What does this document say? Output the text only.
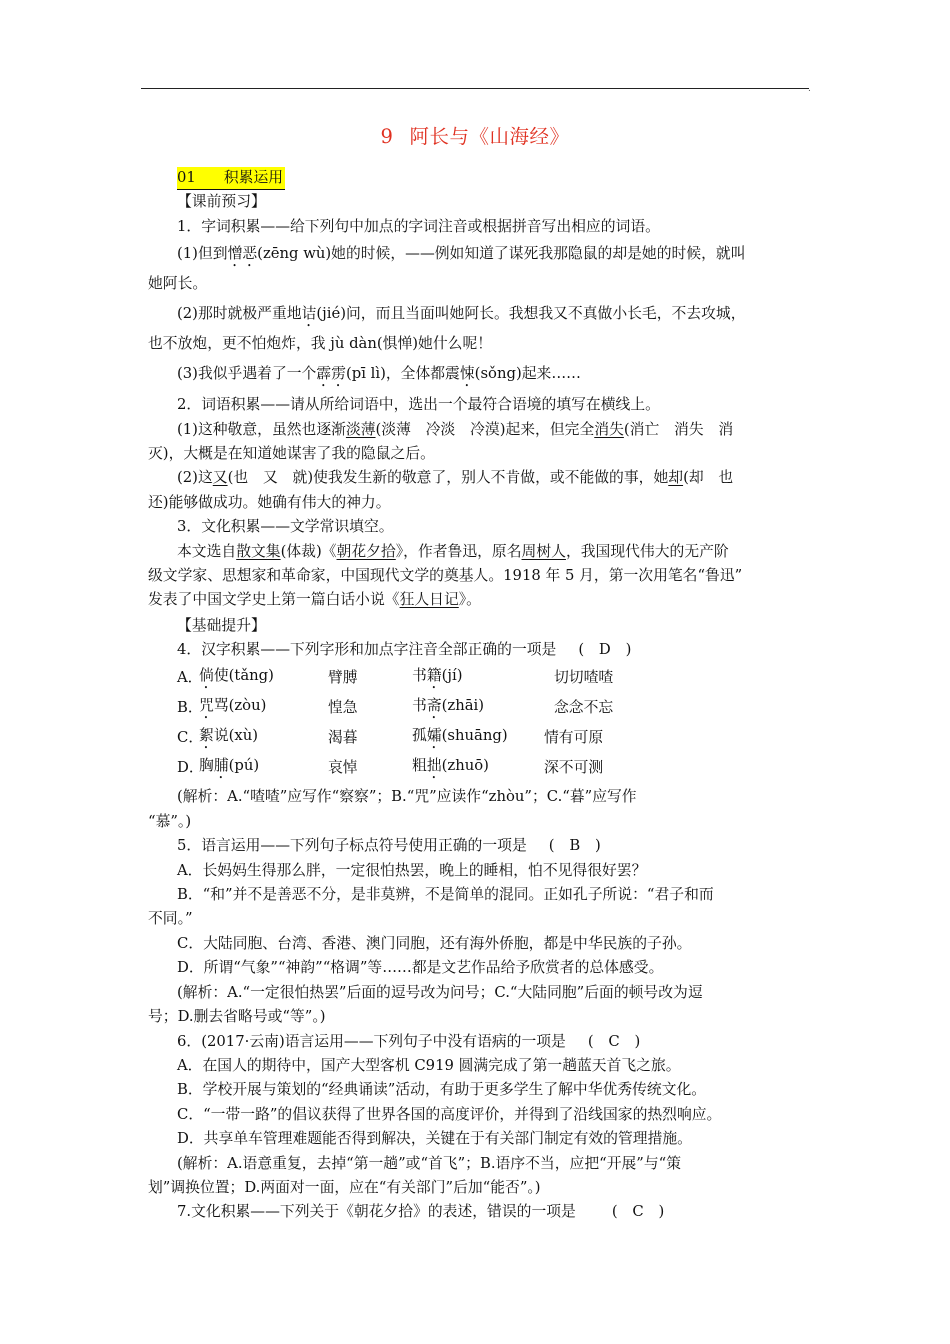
.
9 阿长与《山海经》

01 积累运用

【课前预习】

1．字词积累——给下列句中加点的字词注音或根据拼音写出相应的词语。

(1)但到憎恶(zēng wù)她的时候，——例如知道了谋死我那隐鼠的却是她的时候，就叫

她阿长。

(2)那时就极严重地诘(jié)问，而且当面叫她阿长。我想我又不真做小长毛，不去攻城，

也不放炮，更不怕炮炸，我 jù dàn(惧惮)她什么呢！

(3)我似乎遇着了一个霹雳(pī lì)，全体都震悚(sǒng)起来……

2．词语积累——请从所给词语中，选出一个最符合语境的填写在横线上。

(1)这种敬意，虽然也逐渐淡薄(淡薄　冷淡　冷漠)起来，但完全消失(消亡　消失　消

灭)，大概是在知道她谋害了我的隐鼠之后。

(2)这又(也　又　就)使我发生新的敬意了，别人不肯做，或不能做的事，她却(却　也

还)能够做成功。她确有伟大的神力。

3．文化积累——文学常识填空。

本文选自散文集(体裁)《朝花夕拾》，作者鲁迅，原名周树人，我国现代伟大的无产阶

级文学家、思想家和革命家，中国现代文学的奠基人。1918 年 5 月，第一次用笔名“鲁迅”

发表了中国文学史上第一篇白话小说《狂人日记》。

【基础提升】

4．汉字积累——下列字形和加点字注音全部正确的一项是 (　D　)

A．
倘使(tǎng)	臂膊	书籍(jí)	切切喳喳
B．
咒骂(zòu)	惶急	书斋(zhāi)	念念不忘
C．
絮说(xù)	渴暮	孤孀(shuāng)	情有可原
D．
胸脯(pú)	哀悼	粗拙(zhuō)	深不可测

(解析：A.“喳喳”应写作“察察”；B.“咒”应读作“zhòu”；C.“暮”应写作

“慕”。)

5．语言运用——下列句子标点符号使用正确的一项是 (　B　)

A．长妈妈生得那么胖，一定很怕热罢，晚上的睡相，怕不见得很好罢？

B．“和”并不是善恶不分，是非莫辨，不是简单的混同。正如孔子所说：“君子和而

不同。”

C．大陆同胞、台湾、香港、澳门同胞，还有海外侨胞，都是中华民族的子孙。

D．所谓“气象”“神韵”“格调”等……都是文艺作品给予欣赏者的总体感受。

(解析：A.“一定很怕热罢”后面的逗号改为问号；C.“大陆同胞”后面的顿号改为逗

号；D.删去省略号或“等”。)

6．(2017·云南)语言运用——下列句子中没有语病的一项是 (　C　)

A．在国人的期待中，国产大型客机 C919 圆满完成了第一趟蓝天首飞之旅。

B．学校开展与策划的“经典诵读”活动，有助于更多学生了解中华优秀传统文化。

C．“一带一路”的倡议获得了世界各国的高度评价，并得到了沿线国家的热烈响应。

D．共享单车管理难题能否得到解决，关键在于有关部门制定有效的管理措施。

(解析：A.语意重复，去掉“第一趟”或“首飞”；B.语序不当，应把“开展”与“策

划”调换位置；D.两面对一面，应在“有关部门”后加“能否”。)

7.文化积累——下列关于《朝花夕拾》的表述，错误的一项是 (　C　)
